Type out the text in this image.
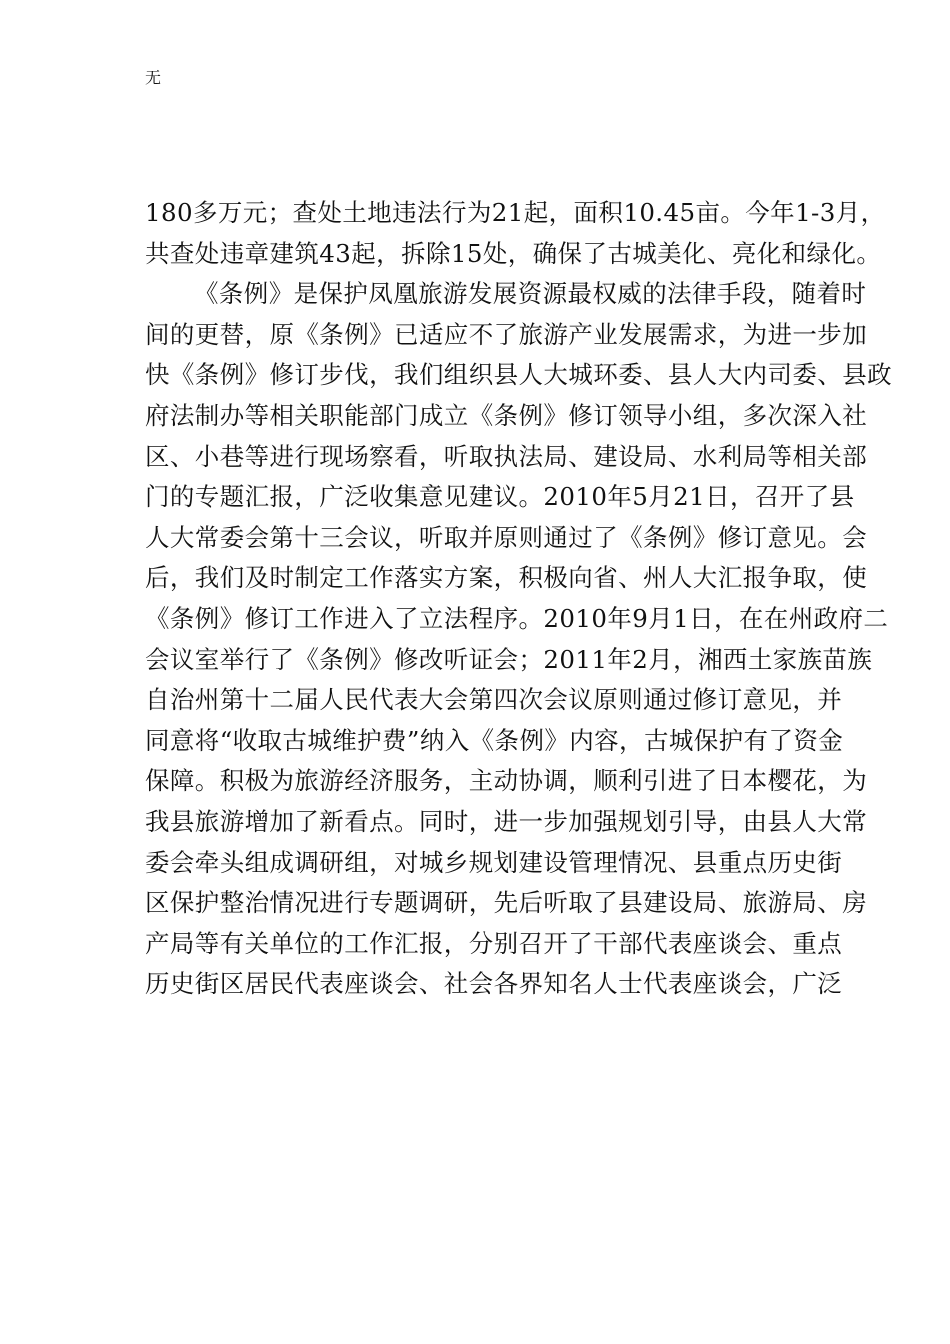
无

180多万元；查处土地违法行为21起，面积10.45亩。今年1-3月，

共查处违章建筑43起，拆除15处，确保了古城美化、亮化和绿化。

《条例》是保护凤凰旅游发展资源最权威的法律手段，随着时

间的更替，原《条例》已适应不了旅游产业发展需求，为进一步加

快《条例》修订步伐，我们组织县人大城环委、县人大内司委、县政

府法制办等相关职能部门成立《条例》修订领导小组，多次深入社

区、小巷等进行现场察看，听取执法局、建设局、水利局等相关部

门的专题汇报，广泛收集意见建议。2010年5月21日，召开了县

人大常委会第十三会议，听取并原则通过了《条例》修订意见。会

后，我们及时制定工作落实方案，积极向省、州人大汇报争取，使

《条例》修订工作进入了立法程序。2010年9月1日，在在州政府二

会议室举行了《条例》修改听证会；2011年2月，湘西土家族苗族

自治州第十二届人民代表大会第四次会议原则通过修订意见，并

同意将“收取古城维护费”纳入《条例》内容，古城保护有了资金

保障。积极为旅游经济服务，主动协调，顺利引进了日本樱花，为

我县旅游增加了新看点。同时，进一步加强规划引导，由县人大常

委会牵头组成调研组，对城乡规划建设管理情况、县重点历史街

区保护整治情况进行专题调研，先后听取了县建设局、旅游局、房

产局等有关单位的工作汇报，分别召开了干部代表座谈会、重点

历史街区居民代表座谈会、社会各界知名人士代表座谈会，广泛
